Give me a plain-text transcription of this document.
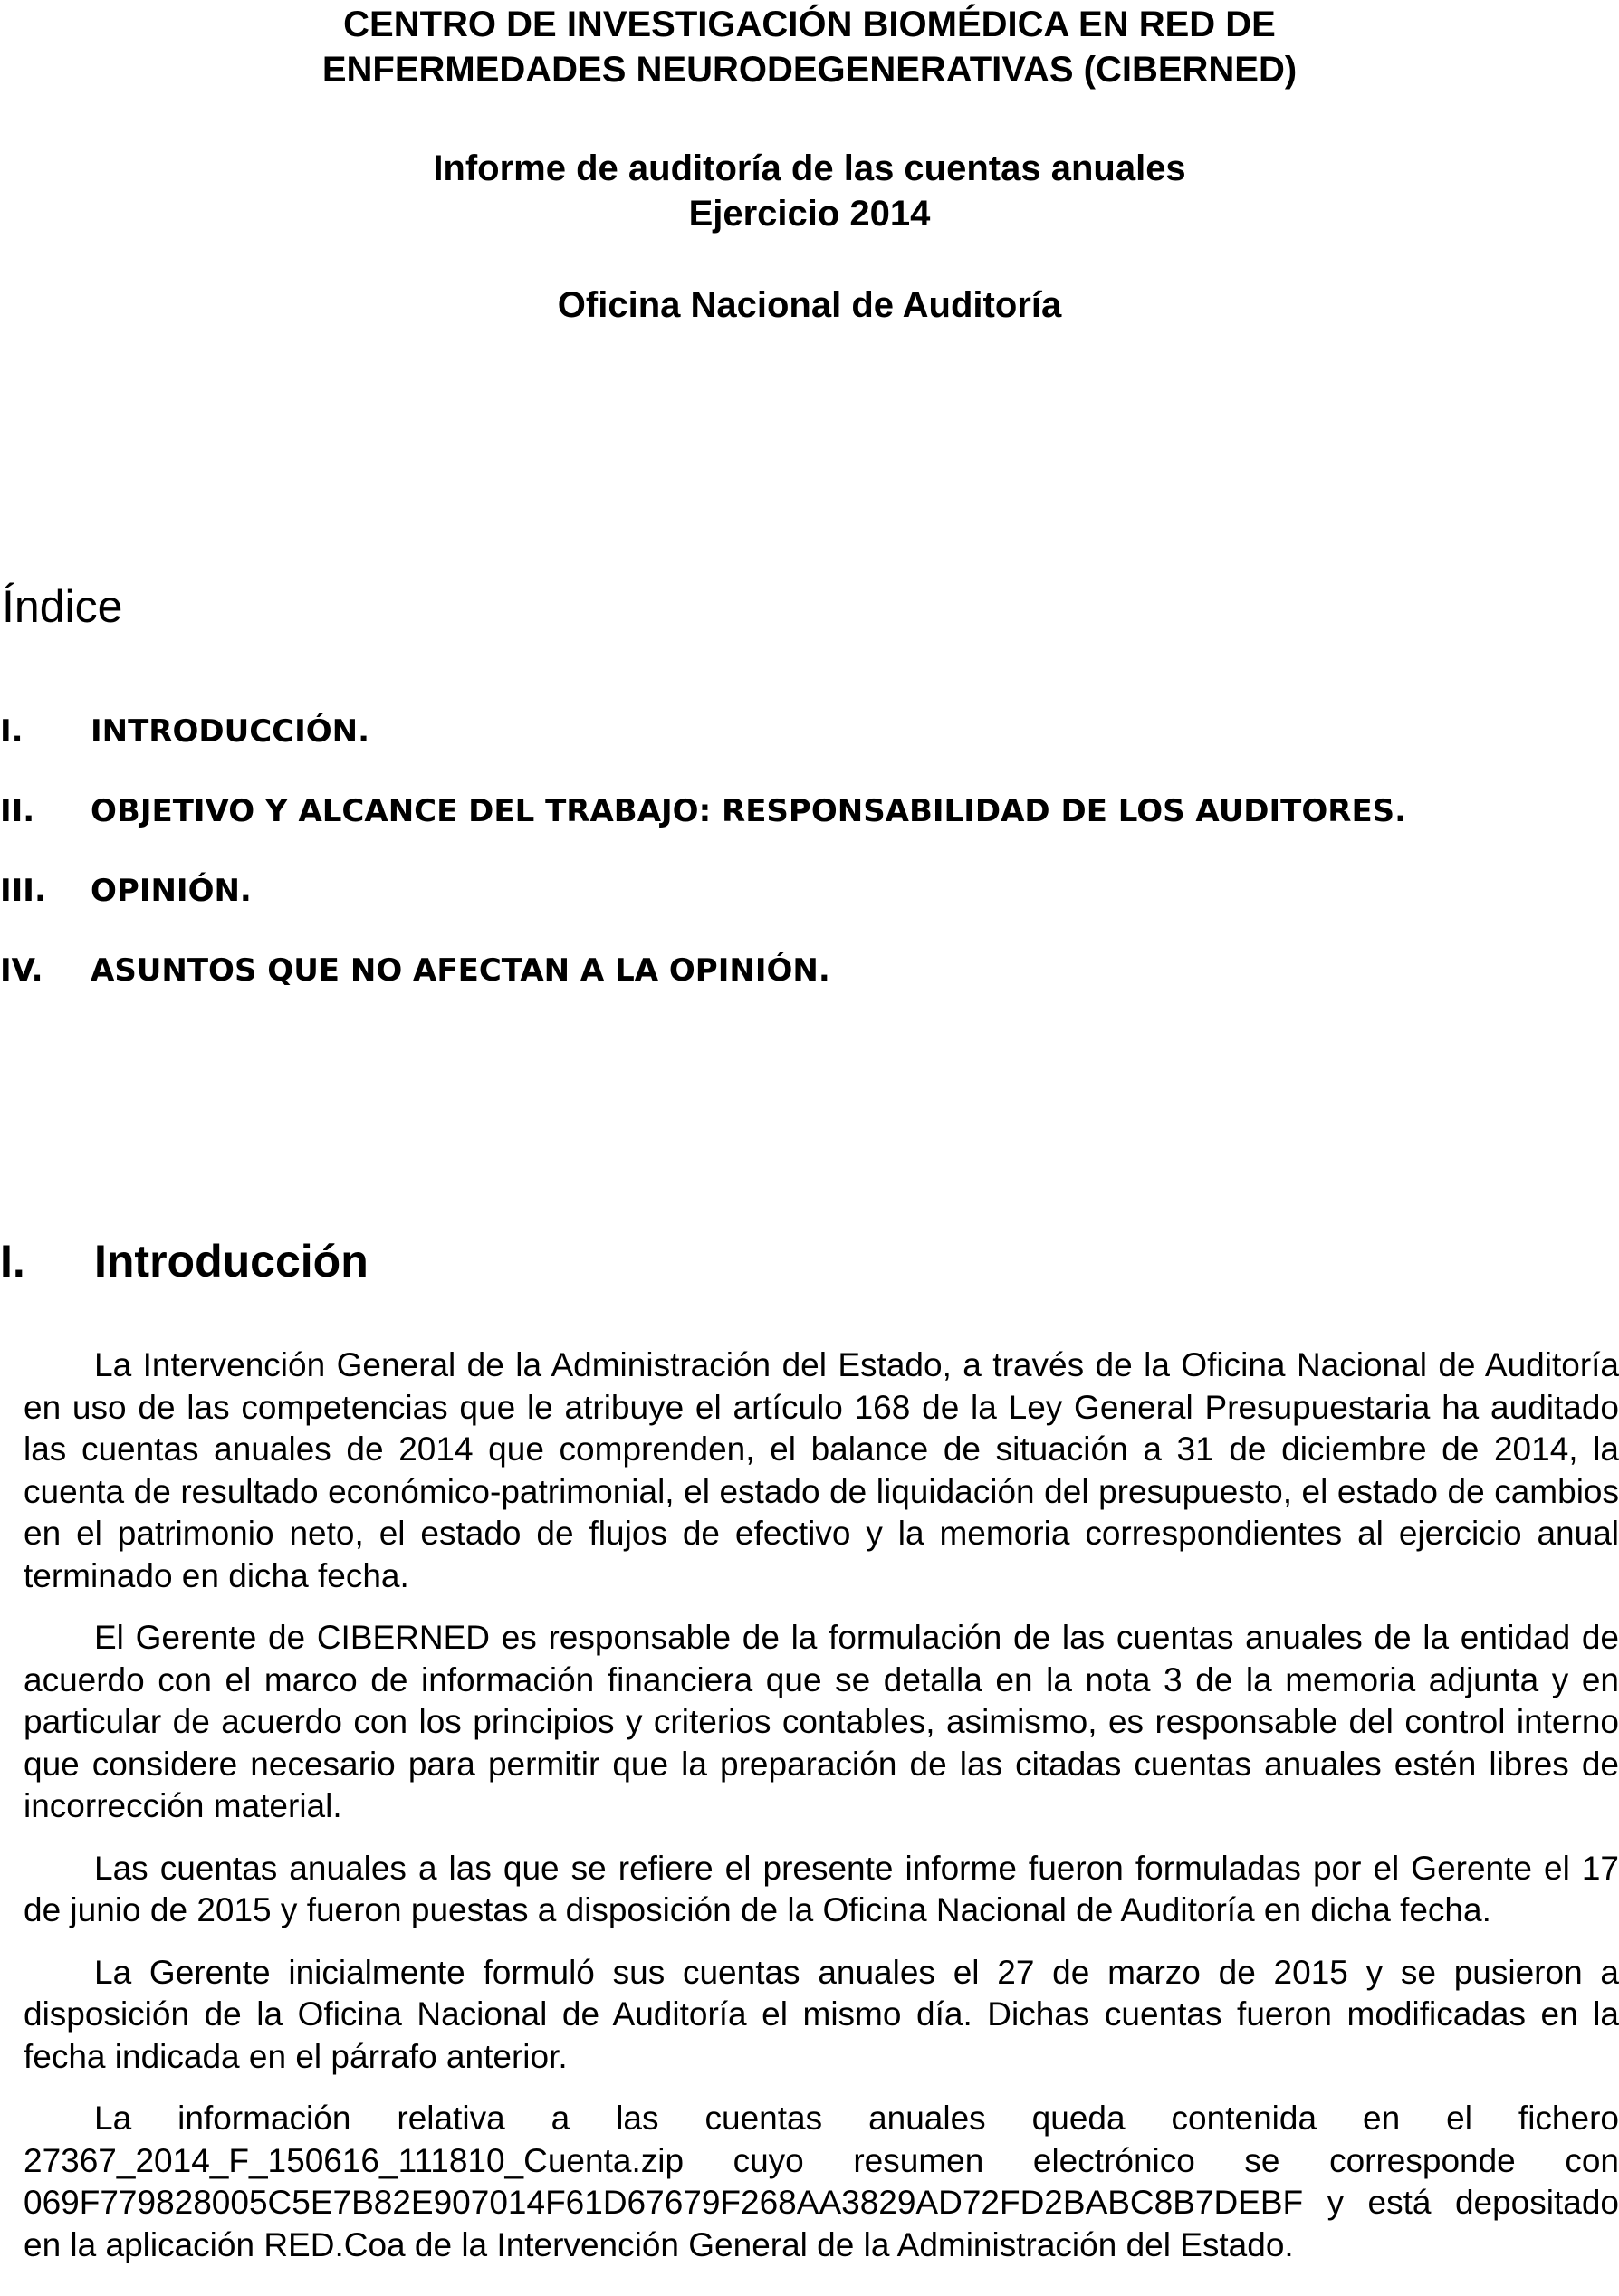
CENTRO DE INVESTIGACIÓN BIOMÉDICA EN RED DE
ENFERMEDADES NEURODEGENERATIVAS (CIBERNED)
Informe de auditoría de las cuentas anuales
Ejercicio 2014
Oficina Nacional de Auditoría
Índice
I. INTRODUCCIÓN.
II. OBJETIVO Y ALCANCE DEL TRABAJO: RESPONSABILIDAD DE LOS AUDITORES.
III. OPINIÓN.
IV. ASUNTOS QUE NO AFECTAN A LA OPINIÓN.
I. Introducción

La Intervención General de la Administración del Estado, a través de la Oficina Nacional de Auditoría en uso de las competencias que le atribuye el artículo 168 de la Ley General Presupuestaria ha auditado las cuentas anuales de 2014 que comprenden, el balance de situación a 31 de diciembre de 2014, la cuenta de resultado económico-patrimonial, el estado de liquidación del presupuesto, el estado de cambios en el patrimonio neto, el estado de flujos de efectivo y la memoria correspondientes al ejercicio anual terminado en dicha fecha.

El Gerente de CIBERNED es responsable de la formulación de las cuentas anuales de la entidad de acuerdo con el marco de información financiera que se detalla en la nota 3 de la memoria adjunta y en particular de acuerdo con los principios y criterios contables, asimismo, es responsable del control interno que considere necesario para permitir que la preparación de las citadas cuentas anuales estén libres de incorrección material.

Las cuentas anuales a las que se refiere el presente informe fueron formuladas por el Gerente el 17 de junio de 2015 y fueron puestas a disposición de la Oficina Nacional de Auditoría en dicha fecha.

La Gerente inicialmente formuló sus cuentas anuales el 27 de marzo de 2015 y se pusieron a disposición de la Oficina Nacional de Auditoría el mismo día. Dichas cuentas fueron modificadas en la fecha indicada en el párrafo anterior.

La información relativa a las cuentas anuales queda contenida en el fichero 27367_2014_F_150616_111810_Cuenta.zip cuyo resumen electrónico se corresponde con 069F779828005C5E7B82E907014F61D67679F268AA3829AD72FD2BABC8B7DEBF y está depositado en la aplicación RED.Coa de la Intervención General de la Administración del Estado.
